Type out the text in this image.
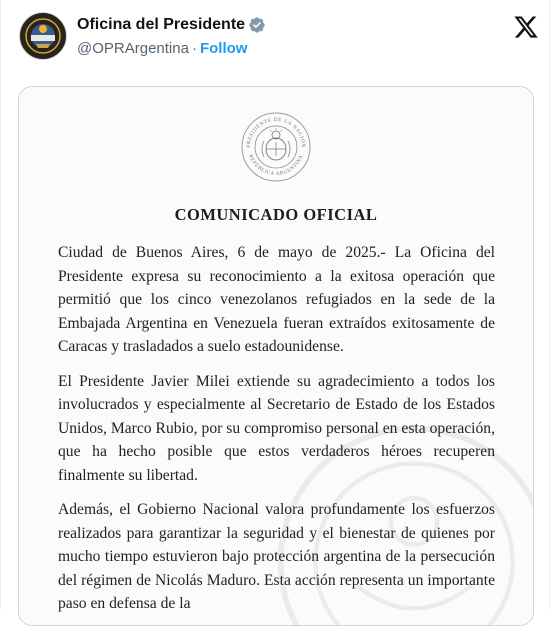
Oficina del Presidente
@OPRArgentina · Follow
PRESIDENTE DE LA NACIÓN
REPÚBLICA ARGENTINA
COMUNICADO OFICIAL

Ciudad de Buenos Aires, 6 de mayo de 2025.- La Oficina del Presidente expresa su reconocimiento a la exitosa operación que permitió que los cinco venezolanos refugiados en la sede de la Embajada Argentina en Venezuela fueran extraídos exitosamente de Caracas y trasladados a suelo estadounidense.

El Presidente Javier Milei extiende su agradecimiento a todos los involucrados y especialmente al Secretario de Estado de los Estados Unidos, Marco Rubio, por su compromiso personal en esta operación, que ha hecho posible que estos verdaderos héroes recuperen finalmente su libertad.

Además, el Gobierno Nacional valora profundamente los esfuerzos realizados para garantizar la seguridad y el bienestar de quienes por mucho tiempo estuvieron bajo protección argentina de la persecución del régimen de Nicolás Maduro. Esta acción representa un importante paso en defensa de la
